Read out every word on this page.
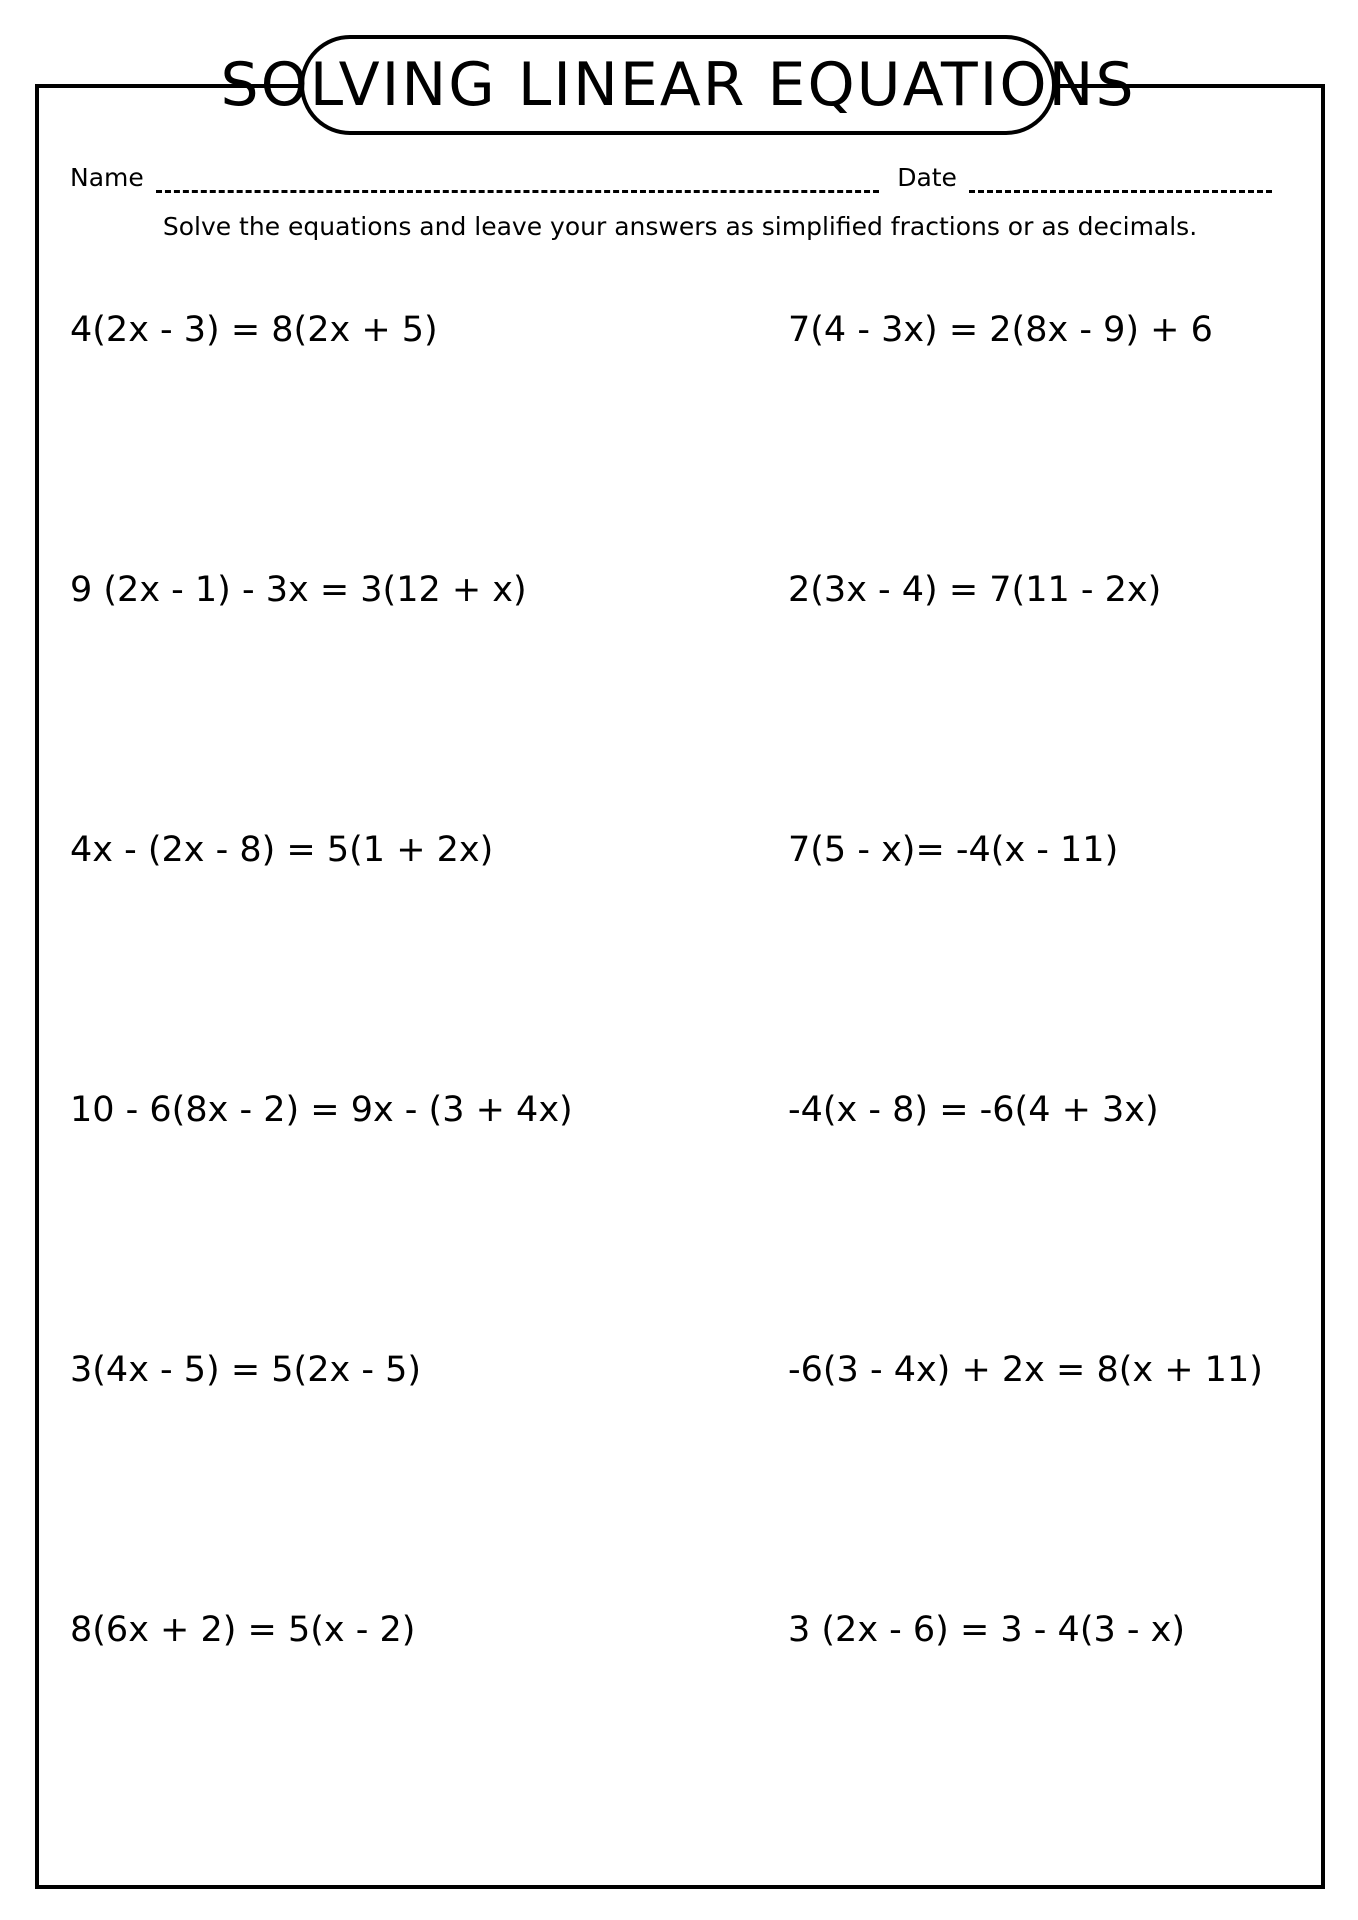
SOLVING LINEAR EQUATIONS
Name	Date
Solve the equations and leave your answers as simplified fractions or as decimals.
4(2x - 3) = 8(2x + 5)	7(4 - 3x) = 2(8x - 9) + 6
9 (2x - 1) - 3x = 3(12 + x)	2(3x - 4) = 7(11 - 2x)
4x - (2x - 8) = 5(1 + 2x)	7(5 - x)= -4(x - 11)
10 - 6(8x - 2) = 9x - (3 + 4x)	-4(x - 8) = -6(4 + 3x)
3(4x - 5) = 5(2x - 5)	-6(3 - 4x) + 2x = 8(x + 11)
8(6x + 2) = 5(x - 2)	3 (2x - 6) = 3 - 4(3 - x)
